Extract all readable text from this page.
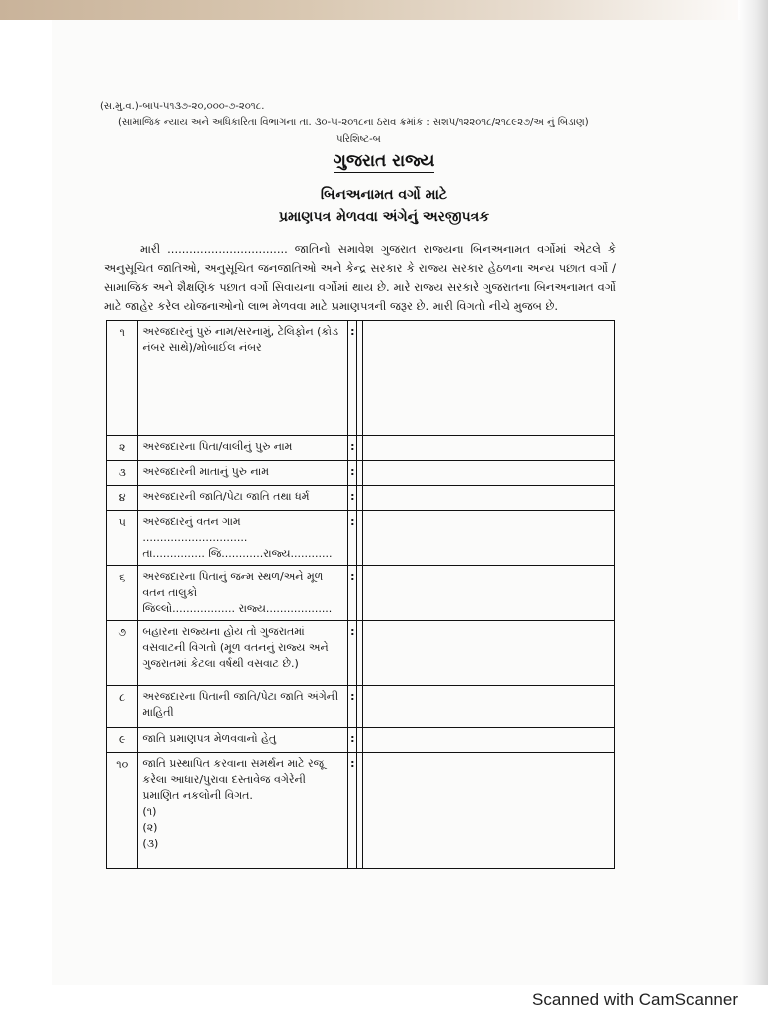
(સ.મુ.વ.)-બાપ-૫૧૩૭-૨૦,૦૦૦-૭-૨૦૧૮.
(સામાજિક ન્યાય અને અધિકારિતા વિભાગના તા. ૩૦-૫-૨૦૧૮ના ઠરાવ ક્રમાંક : સશપ/૧૨૨૦૧૮/૨૧૮૯૨૭/અ નું બિડાણ)
પરિશિષ્ટ-બ
ગુજરાત રાજ્ય
બિનઅનામત વર્ગો માટે
પ્રમાણપત્ર મેળવવા અંગેનું અરજીપત્રક
મારી ................................. જાતિનો સમાવેશ ગુજરાત રાજ્યના બિનઅનામત વર્ગોમાં એટલે કે અનુસૂચિત જાતિઓ, અનુસૂચિત જનજાતિઓ અને કેન્દ્ર સરકાર કે રાજ્ય સરકાર હેઠળના અન્ય પછાત વર્ગો / સામાજિક અને શૈક્ષણિક પછાત વર્ગો સિવાયના વર્ગોમાં થાય છે. મારે રાજ્ય સરકારે ગુજરાતના બિનઅનામત વર્ગો માટે જાહેર કરેલ યોજનાઓનો લાભ મેળવવા માટે પ્રમાણપત્રની જરૂર છે. મારી વિગતો નીચે મુજબ છે.
૧	અરજદારનું પુરું નામ/સરનામું, ટેલિફોન (કોડ નંબર સાથે)/મોબાઈલ નંબર	:		
૨	અરજદારના પિતા/વાલીનું પુરુ નામ	:		
૩	અરજદારની માતાનું પુરુ નામ	:		
૪	અરજદારની જાતિ/પેટા જાતિ તથા ધર્મ	:		
૫	અરજદારનું વતન ગામ ..............................
તા............... જિ............રાજ્ય............	:		
૬	અરજદારના પિતાનું જન્મ સ્થળ/અને મૂળ વતન તાલુકો
જિલ્લો.................. રાજ્ય...................	:		
૭	બહારના રાજ્યના હોય તો ગુજરાતમાં વસવાટની વિગતો (મૂળ વતનનું રાજ્ય અને ગુજરાતમાં કેટલા વર્ષથી વસવાટ છે.)	:		
૮	અરજદારના પિતાની જાતિ/પેટા જાતિ અંગેની માહિતી	:		
૯	જાતિ પ્રમાણપત્ર મેળવવાનો હેતુ	:		
૧૦	જાતિ પ્રસ્થાપિત કરવાના સમર્થન માટે રજૂ કરેલા આધાર/પુરાવા દસ્તાવેજ વગેરેની પ્રમાણિત નકલોની વિગત.
(૧)
(૨)
(૩)	:		
Scanned with CamScanner
